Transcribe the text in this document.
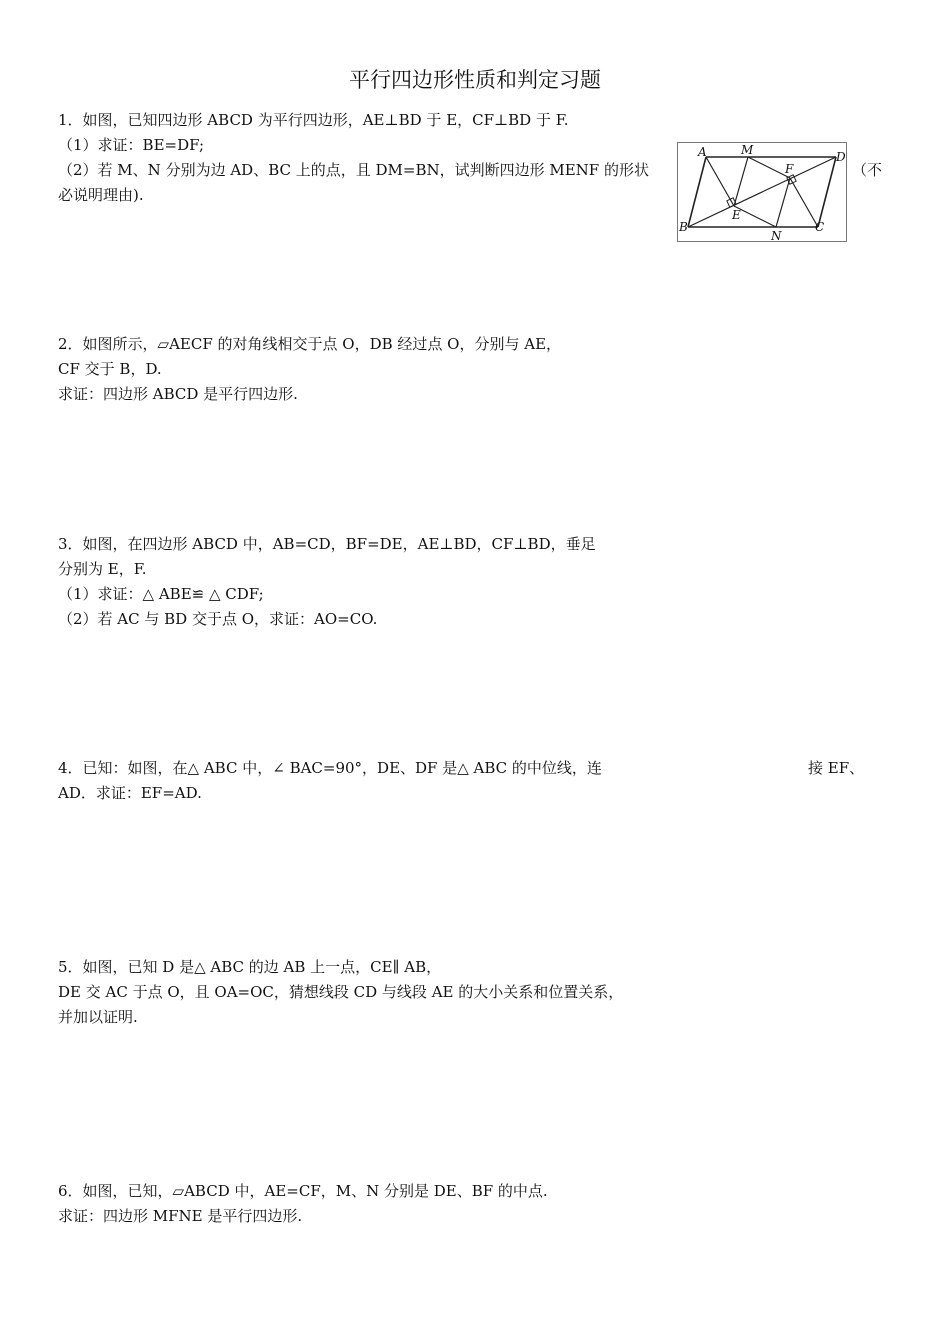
平行四边形性质和判定习题
1．如图，已知四边形 ABCD 为平行四边形，AE⊥BD 于 E，CF⊥BD 于 F.
（1）求证：BE=DF;
（2）若 M、N 分别为边 AD、BC 上的点，且 DM=BN，试判断四边形 MENF 的形状	（不
必说明理由).
A	M	D
F
E
B
N
C
2．如图所示，▱AECF 的对角线相交于点 O，DB 经过点 O，分别与 AE，
CF 交于 B，D.
求证：四边形 ABCD 是平行四边形.
3．如图，在四边形 ABCD 中，AB=CD，BF=DE，AE⊥BD，CF⊥BD，垂足
分别为 E，F.
（1）求证：△ ABE≌ △ CDF;
（2）若 AC 与 BD 交于点 O，求证：AO=CO.
4．已知：如图，在△ ABC 中，∠ BAC=90°，DE、DF 是△ ABC 的中位线，连	接 EF、
AD．求证：EF=AD.
5．如图，已知 D 是△ ABC 的边 AB 上一点，CE∥ AB，
DE 交 AC 于点 O，且 OA=OC，猜想线段 CD 与线段 AE 的大小关系和位置关系，
并加以证明.
6．如图，已知，▱ABCD 中，AE=CF，M、N 分别是 DE、BF 的中点.
求证：四边形 MFNE 是平行四边形.
